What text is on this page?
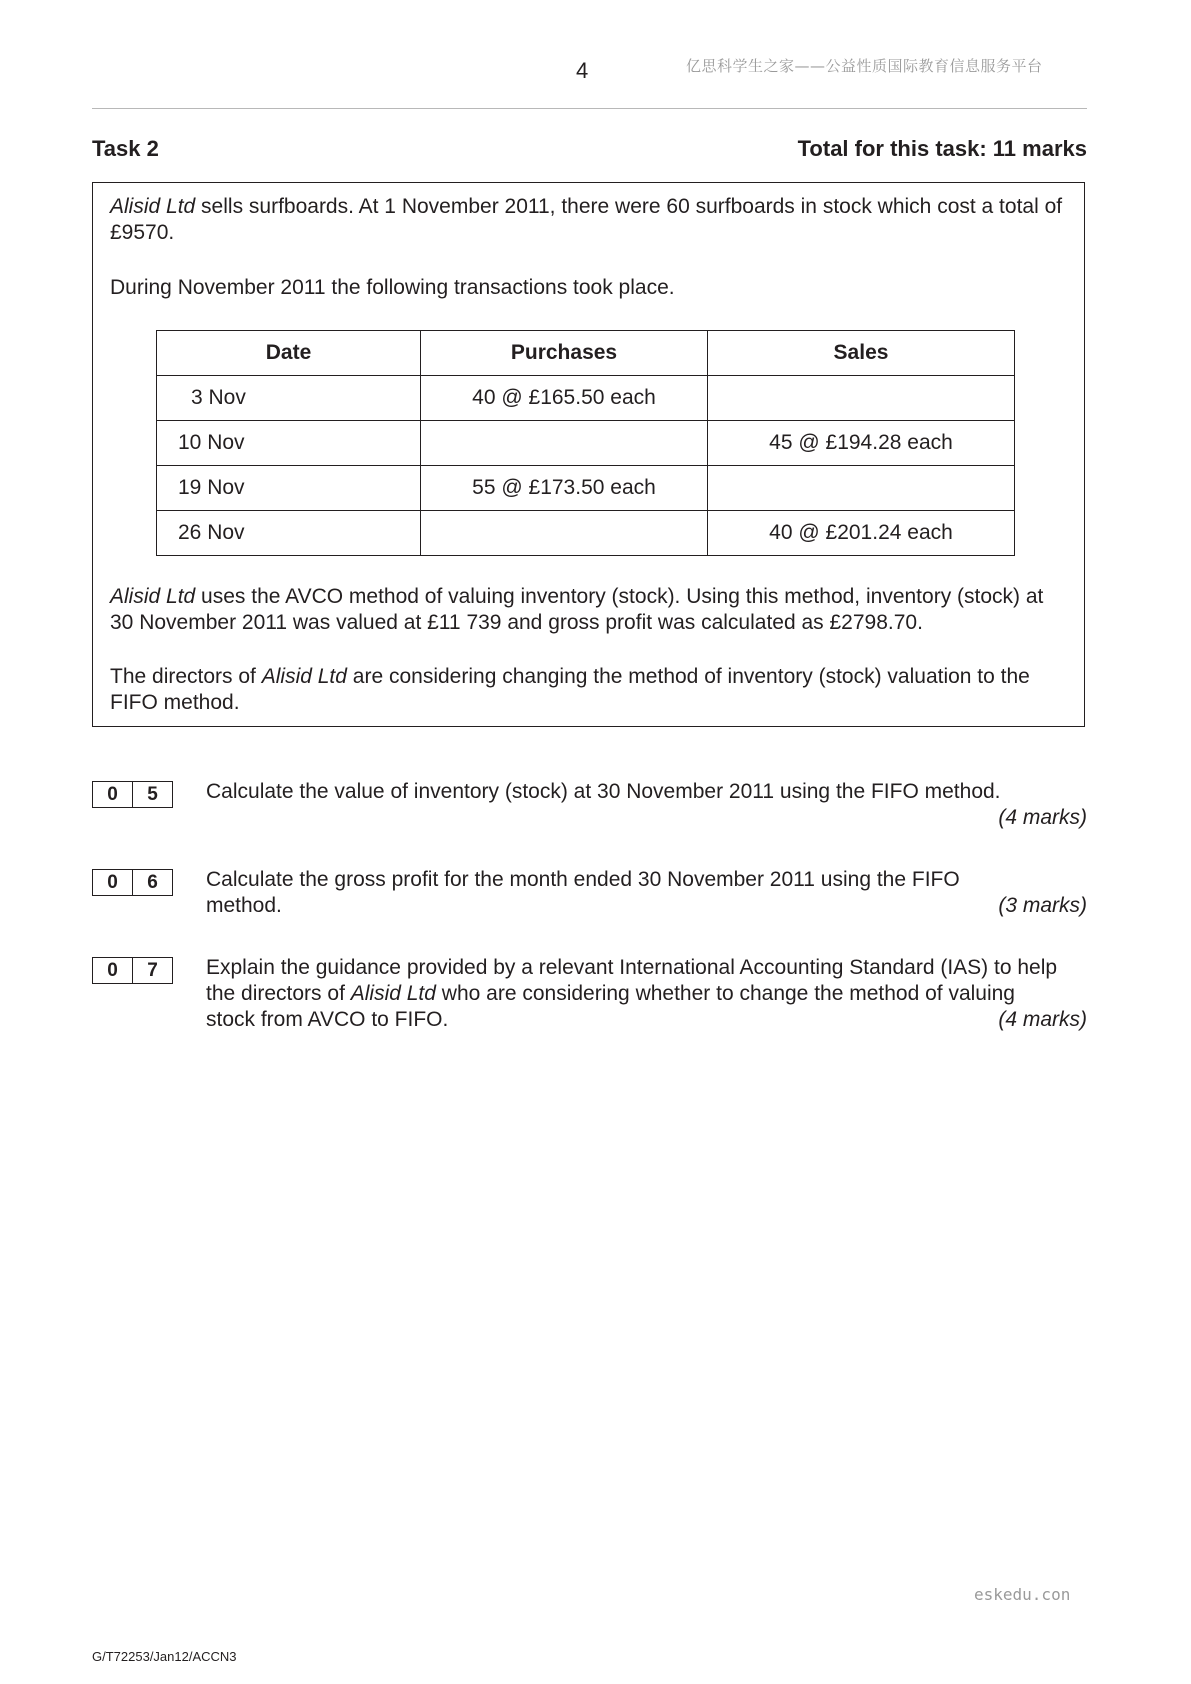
4	亿思科学生之家——公益性质国际教育信息服务平台
Task 2	Total for this task: 11 marks
Alisid Ltd sells surfboards. At 1 November 2011, there were 60 surfboards in stock which cost a total of £9570.
During November 2011 the following transactions took place.
Date	Purchases	Sales
3 Nov	40 @ £165.50 each	
10 Nov		45 @ £194.28 each
19 Nov	55 @ £173.50 each	
26 Nov		40 @ £201.24 each
Alisid Ltd uses the AVCO method of valuing inventory (stock). Using this method, inventory (stock) at 30 November 2011 was valued at £11 739 and gross profit was calculated as £2798.70.
The directors of Alisid Ltd are considering changing the method of inventory (stock) valuation to the FIFO method.
0	5	Calculate the value of inventory (stock) at 30 November 2011 using the FIFO method.
(4 marks)
0	6	Calculate the gross profit for the month ended 30 November 2011 using the FIFO method.	(3 marks)
0	7	Explain the guidance provided by a relevant International Accounting Standard (IAS) to help the directors of Alisid Ltd who are considering whether to change the method of valuing stock from AVCO to FIFO.	(4 marks)
eskedu.con
G/T72253/Jan12/ACCN3
